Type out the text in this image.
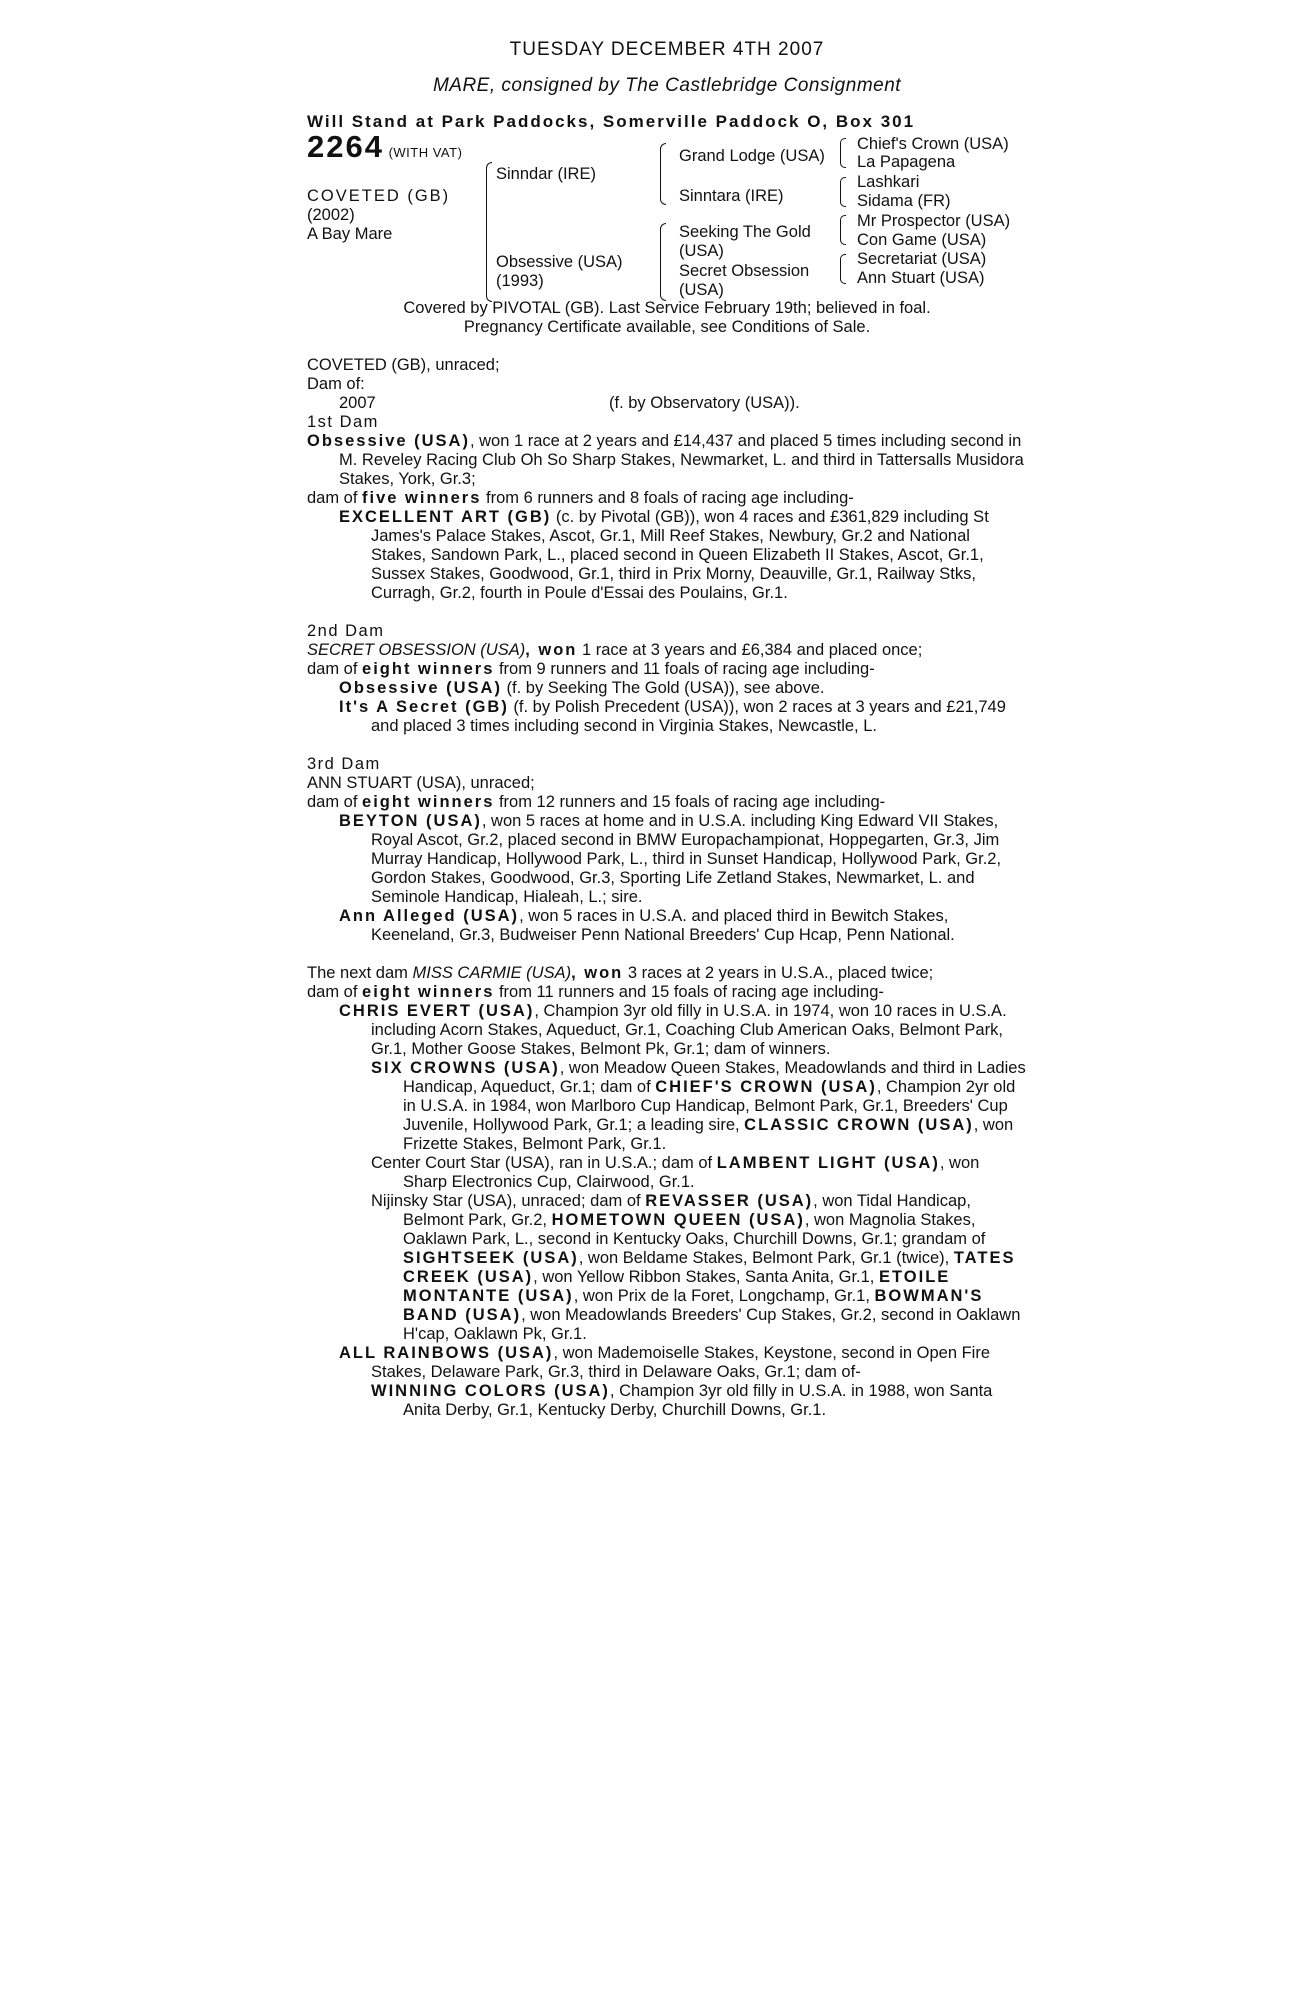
TUESDAY DECEMBER 4TH 2007
MARE, consigned by The Castlebridge Consignment
Will Stand at Park Paddocks, Somerville Paddock O, Box 301
2264 (WITH VAT)
COVETED (GB)
(2002)
A Bay Mare
Sinndar (IRE)
Obsessive (USA)
(1993)
Grand Lodge (USA)
Sinntara (IRE)
Seeking The Gold
(USA)
Secret Obsession
(USA)
Chief's Crown (USA)
La Papagena
Lashkari
Sidama (FR)
Mr Prospector (USA)
Con Game (USA)
Secretariat (USA)
Ann Stuart (USA)
Covered by PIVOTAL (GB). Last Service February 19th; believed in foal.
Pregnancy Certificate available, see Conditions of Sale.
COVETED (GB), unraced;
Dam of:
2007	(f. by Observatory (USA)).
1st Dam

Obsessive (USA), won 1 race at 2 years and £14,437 and placed 5 times including second in M. Reveley Racing Club Oh So Sharp Stakes, Newmarket, L. and third in Tattersalls Musidora Stakes, York, Gr.3;

dam of five winners from 6 runners and 8 foals of racing age including-

EXCELLENT ART (GB) (c. by Pivotal (GB)), won 4 races and £361,829 including St James's Palace Stakes, Ascot, Gr.1, Mill Reef Stakes, Newbury, Gr.2 and National Stakes, Sandown Park, L., placed second in Queen Elizabeth II Stakes, Ascot, Gr.1, Sussex Stakes, Goodwood, Gr.1, third in Prix Morny, Deauville, Gr.1, Railway Stks, Curragh, Gr.2, fourth in Poule d'Essai des Poulains, Gr.1.

2nd Dam

SECRET OBSESSION (USA), won 1 race at 3 years and £6,384 and placed once;

dam of eight winners from 9 runners and 11 foals of racing age including-

Obsessive (USA) (f. by Seeking The Gold (USA)), see above.

It's A Secret (GB) (f. by Polish Precedent (USA)), won 2 races at 3 years and £21,749 and placed 3 times including second in Virginia Stakes, Newcastle, L.

3rd Dam

ANN STUART (USA), unraced;

dam of eight winners from 12 runners and 15 foals of racing age including-

BEYTON (USA), won 5 races at home and in U.S.A. including King Edward VII Stakes, Royal Ascot, Gr.2, placed second in BMW Europachampionat, Hoppegarten, Gr.3, Jim Murray Handicap, Hollywood Park, L., third in Sunset Handicap, Hollywood Park, Gr.2, Gordon Stakes, Goodwood, Gr.3, Sporting Life Zetland Stakes, Newmarket, L. and Seminole Handicap, Hialeah, L.; sire.

Ann Alleged (USA), won 5 races in U.S.A. and placed third in Bewitch Stakes, Keeneland, Gr.3, Budweiser Penn National Breeders' Cup Hcap, Penn National.

The next dam MISS CARMIE (USA), won 3 races at 2 years in U.S.A., placed twice;

dam of eight winners from 11 runners and 15 foals of racing age including-

CHRIS EVERT (USA), Champion 3yr old filly in U.S.A. in 1974, won 10 races in U.S.A. including Acorn Stakes, Aqueduct, Gr.1, Coaching Club American Oaks, Belmont Park, Gr.1, Mother Goose Stakes, Belmont Pk, Gr.1; dam of winners.

SIX CROWNS (USA), won Meadow Queen Stakes, Meadowlands and third in Ladies Handicap, Aqueduct, Gr.1; dam of CHIEF'S CROWN (USA), Champion 2yr old in U.S.A. in 1984, won Marlboro Cup Handicap, Belmont Park, Gr.1, Breeders' Cup Juvenile, Hollywood Park, Gr.1; a leading sire, CLASSIC CROWN (USA), won Frizette Stakes, Belmont Park, Gr.1.

Center Court Star (USA), ran in U.S.A.; dam of LAMBENT LIGHT (USA), won Sharp Electronics Cup, Clairwood, Gr.1.

Nijinsky Star (USA), unraced; dam of REVASSER (USA), won Tidal Handicap, Belmont Park, Gr.2, HOMETOWN QUEEN (USA), won Magnolia Stakes, Oaklawn Park, L., second in Kentucky Oaks, Churchill Downs, Gr.1; grandam of SIGHTSEEK (USA), won Beldame Stakes, Belmont Park, Gr.1 (twice), TATES CREEK (USA), won Yellow Ribbon Stakes, Santa Anita, Gr.1, ETOILE MONTANTE (USA), won Prix de la Foret, Longchamp, Gr.1, BOWMAN'S BAND (USA), won Meadowlands Breeders' Cup Stakes, Gr.2, second in Oaklawn H'cap, Oaklawn Pk, Gr.1.

ALL RAINBOWS (USA), won Mademoiselle Stakes, Keystone, second in Open Fire Stakes, Delaware Park, Gr.3, third in Delaware Oaks, Gr.1; dam of-

WINNING COLORS (USA), Champion 3yr old filly in U.S.A. in 1988, won Santa Anita Derby, Gr.1, Kentucky Derby, Churchill Downs, Gr.1.
